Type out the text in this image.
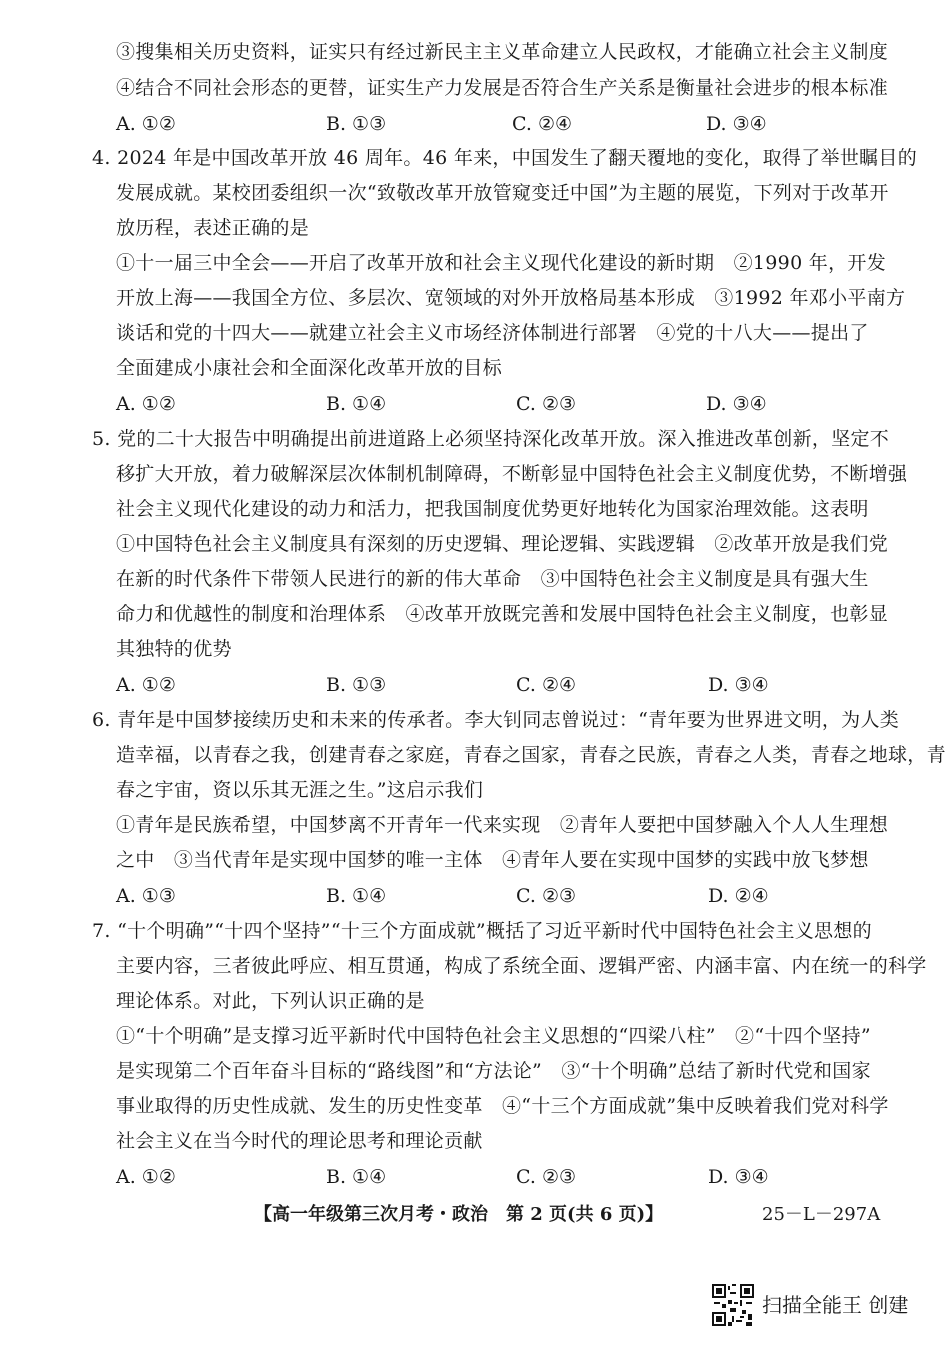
③搜集相关历史资料，证实只有经过新民主主义革命建立人民政权，才能确立社会主义制度
④结合不同社会形态的更替，证实生产力发展是否符合生产关系是衡量社会进步的根本标准
A. ①②	B. ①③	C. ②④	D. ③④
4. 2024 年是中国改革开放 46 周年。46 年来，中国发生了翻天覆地的变化，取得了举世瞩目的
发展成就。某校团委组织一次“致敬改革开放管窥变迁中国”为主题的展览，下列对于改革开
放历程，表述正确的是
①十一届三中全会——开启了改革开放和社会主义现代化建设的新时期　②1990 年，开发
开放上海——我国全方位、多层次、宽领域的对外开放格局基本形成　③1992 年邓小平南方
谈话和党的十四大——就建立社会主义市场经济体制进行部署　④党的十八大——提出了
全面建成小康社会和全面深化改革开放的目标
A. ①②	B. ①④	C. ②③	D. ③④
5. 党的二十大报告中明确提出前进道路上必须坚持深化改革开放。深入推进改革创新，坚定不
移扩大开放，着力破解深层次体制机制障碍，不断彰显中国特色社会主义制度优势，不断增强
社会主义现代化建设的动力和活力，把我国制度优势更好地转化为国家治理效能。这表明
①中国特色社会主义制度具有深刻的历史逻辑、理论逻辑、实践逻辑　②改革开放是我们党
在新的时代条件下带领人民进行的新的伟大革命　③中国特色社会主义制度是具有强大生
命力和优越性的制度和治理体系　④改革开放既完善和发展中国特色社会主义制度，也彰显
其独特的优势
A. ①②	B. ①③	C. ②④	D. ③④
6. 青年是中国梦接续历史和未来的传承者。李大钊同志曾说过：“青年要为世界进文明，为人类
造幸福，以青春之我，创建青春之家庭，青春之国家，青春之民族，青春之人类，青春之地球，青
春之宇宙，资以乐其无涯之生。”这启示我们
①青年是民族希望，中国梦离不开青年一代来实现　②青年人要把中国梦融入个人人生理想
之中　③当代青年是实现中国梦的唯一主体　④青年人要在实现中国梦的实践中放飞梦想
A. ①③	B. ①④	C. ②③	D. ②④
7. “十个明确”“十四个坚持”“十三个方面成就”概括了习近平新时代中国特色社会主义思想的
主要内容，三者彼此呼应、相互贯通，构成了系统全面、逻辑严密、内涵丰富、内在统一的科学
理论体系。对此，下列认识正确的是
①“十个明确”是支撑习近平新时代中国特色社会主义思想的“四梁八柱”　②“十四个坚持”
是实现第二个百年奋斗目标的“路线图”和“方法论”　③“十个明确”总结了新时代党和国家
事业取得的历史性成就、发生的历史性变革　④“十三个方面成就”集中反映着我们党对科学
社会主义在当今时代的理论思考和理论贡献
A. ①②	B. ①④	C. ②③	D. ③④
【高一年级第三次月考・政治　第 2 页(共 6 页)】	25－L－297A
扫描全能王 创建
